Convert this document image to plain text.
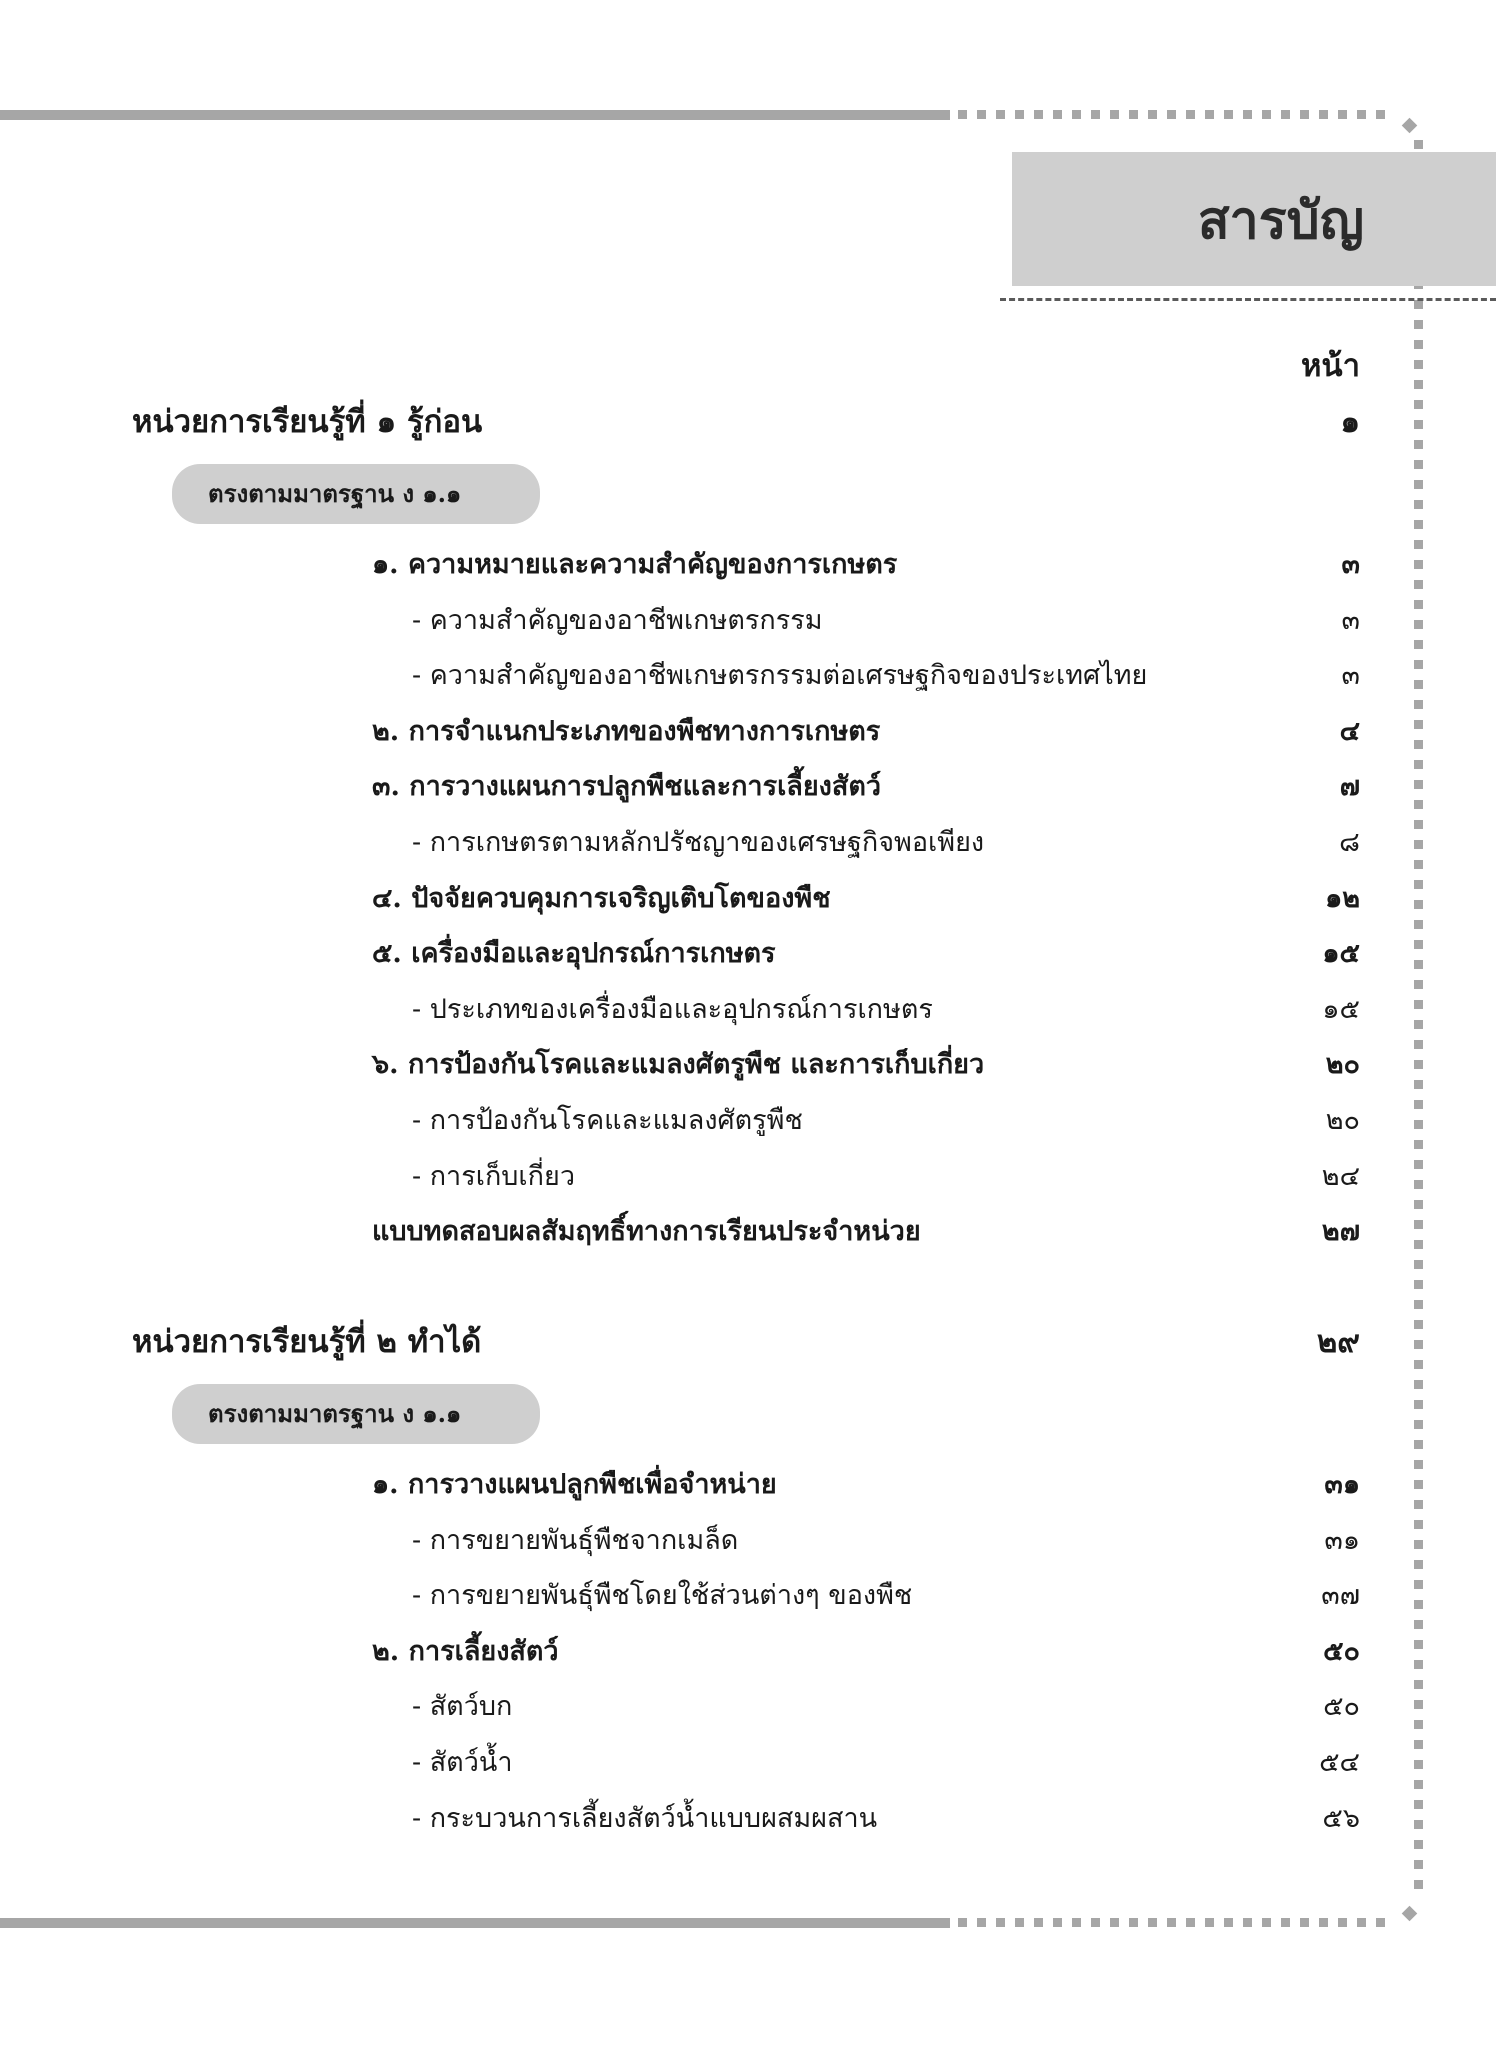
สารบัญ
หน้า
หน่วยการเรียนรู้ที่ ๑ รู้ก่อน	๑
ตรงตามมาตรฐาน ง ๑.๑
๑. ความหมายและความสำคัญของการเกษตร	๓
- ความสำคัญของอาชีพเกษตรกรรม	๓
- ความสำคัญของอาชีพเกษตรกรรมต่อเศรษฐกิจของประเทศไทย	๓
๒. การจำแนกประเภทของพืชทางการเกษตร	๔
๓. การวางแผนการปลูกพืชและการเลี้ยงสัตว์	๗
- การเกษตรตามหลักปรัชญาของเศรษฐกิจพอเพียง	๘
๔. ปัจจัยควบคุมการเจริญเติบโตของพืช	๑๒
๕. เครื่องมือและอุปกรณ์การเกษตร	๑๕
- ประเภทของเครื่องมือและอุปกรณ์การเกษตร	๑๕
๖. การป้องกันโรคและแมลงศัตรูพืช และการเก็บเกี่ยว	๒๐
- การป้องกันโรคและแมลงศัตรูพืช	๒๐
- การเก็บเกี่ยว	๒๔
แบบทดสอบผลสัมฤทธิ์ทางการเรียนประจำหน่วย	๒๗
หน่วยการเรียนรู้ที่ ๒ ทำได้	๒๙
ตรงตามมาตรฐาน ง ๑.๑
๑. การวางแผนปลูกพืชเพื่อจำหน่าย	๓๑
- การขยายพันธุ์พืชจากเมล็ด	๓๑
- การขยายพันธุ์พืชโดยใช้ส่วนต่างๆ ของพืช	๓๗
๒. การเลี้ยงสัตว์	๕๐
- สัตว์บก	๕๐
- สัตว์น้ำ	๕๔
- กระบวนการเลี้ยงสัตว์น้ำแบบผสมผสาน	๕๖
